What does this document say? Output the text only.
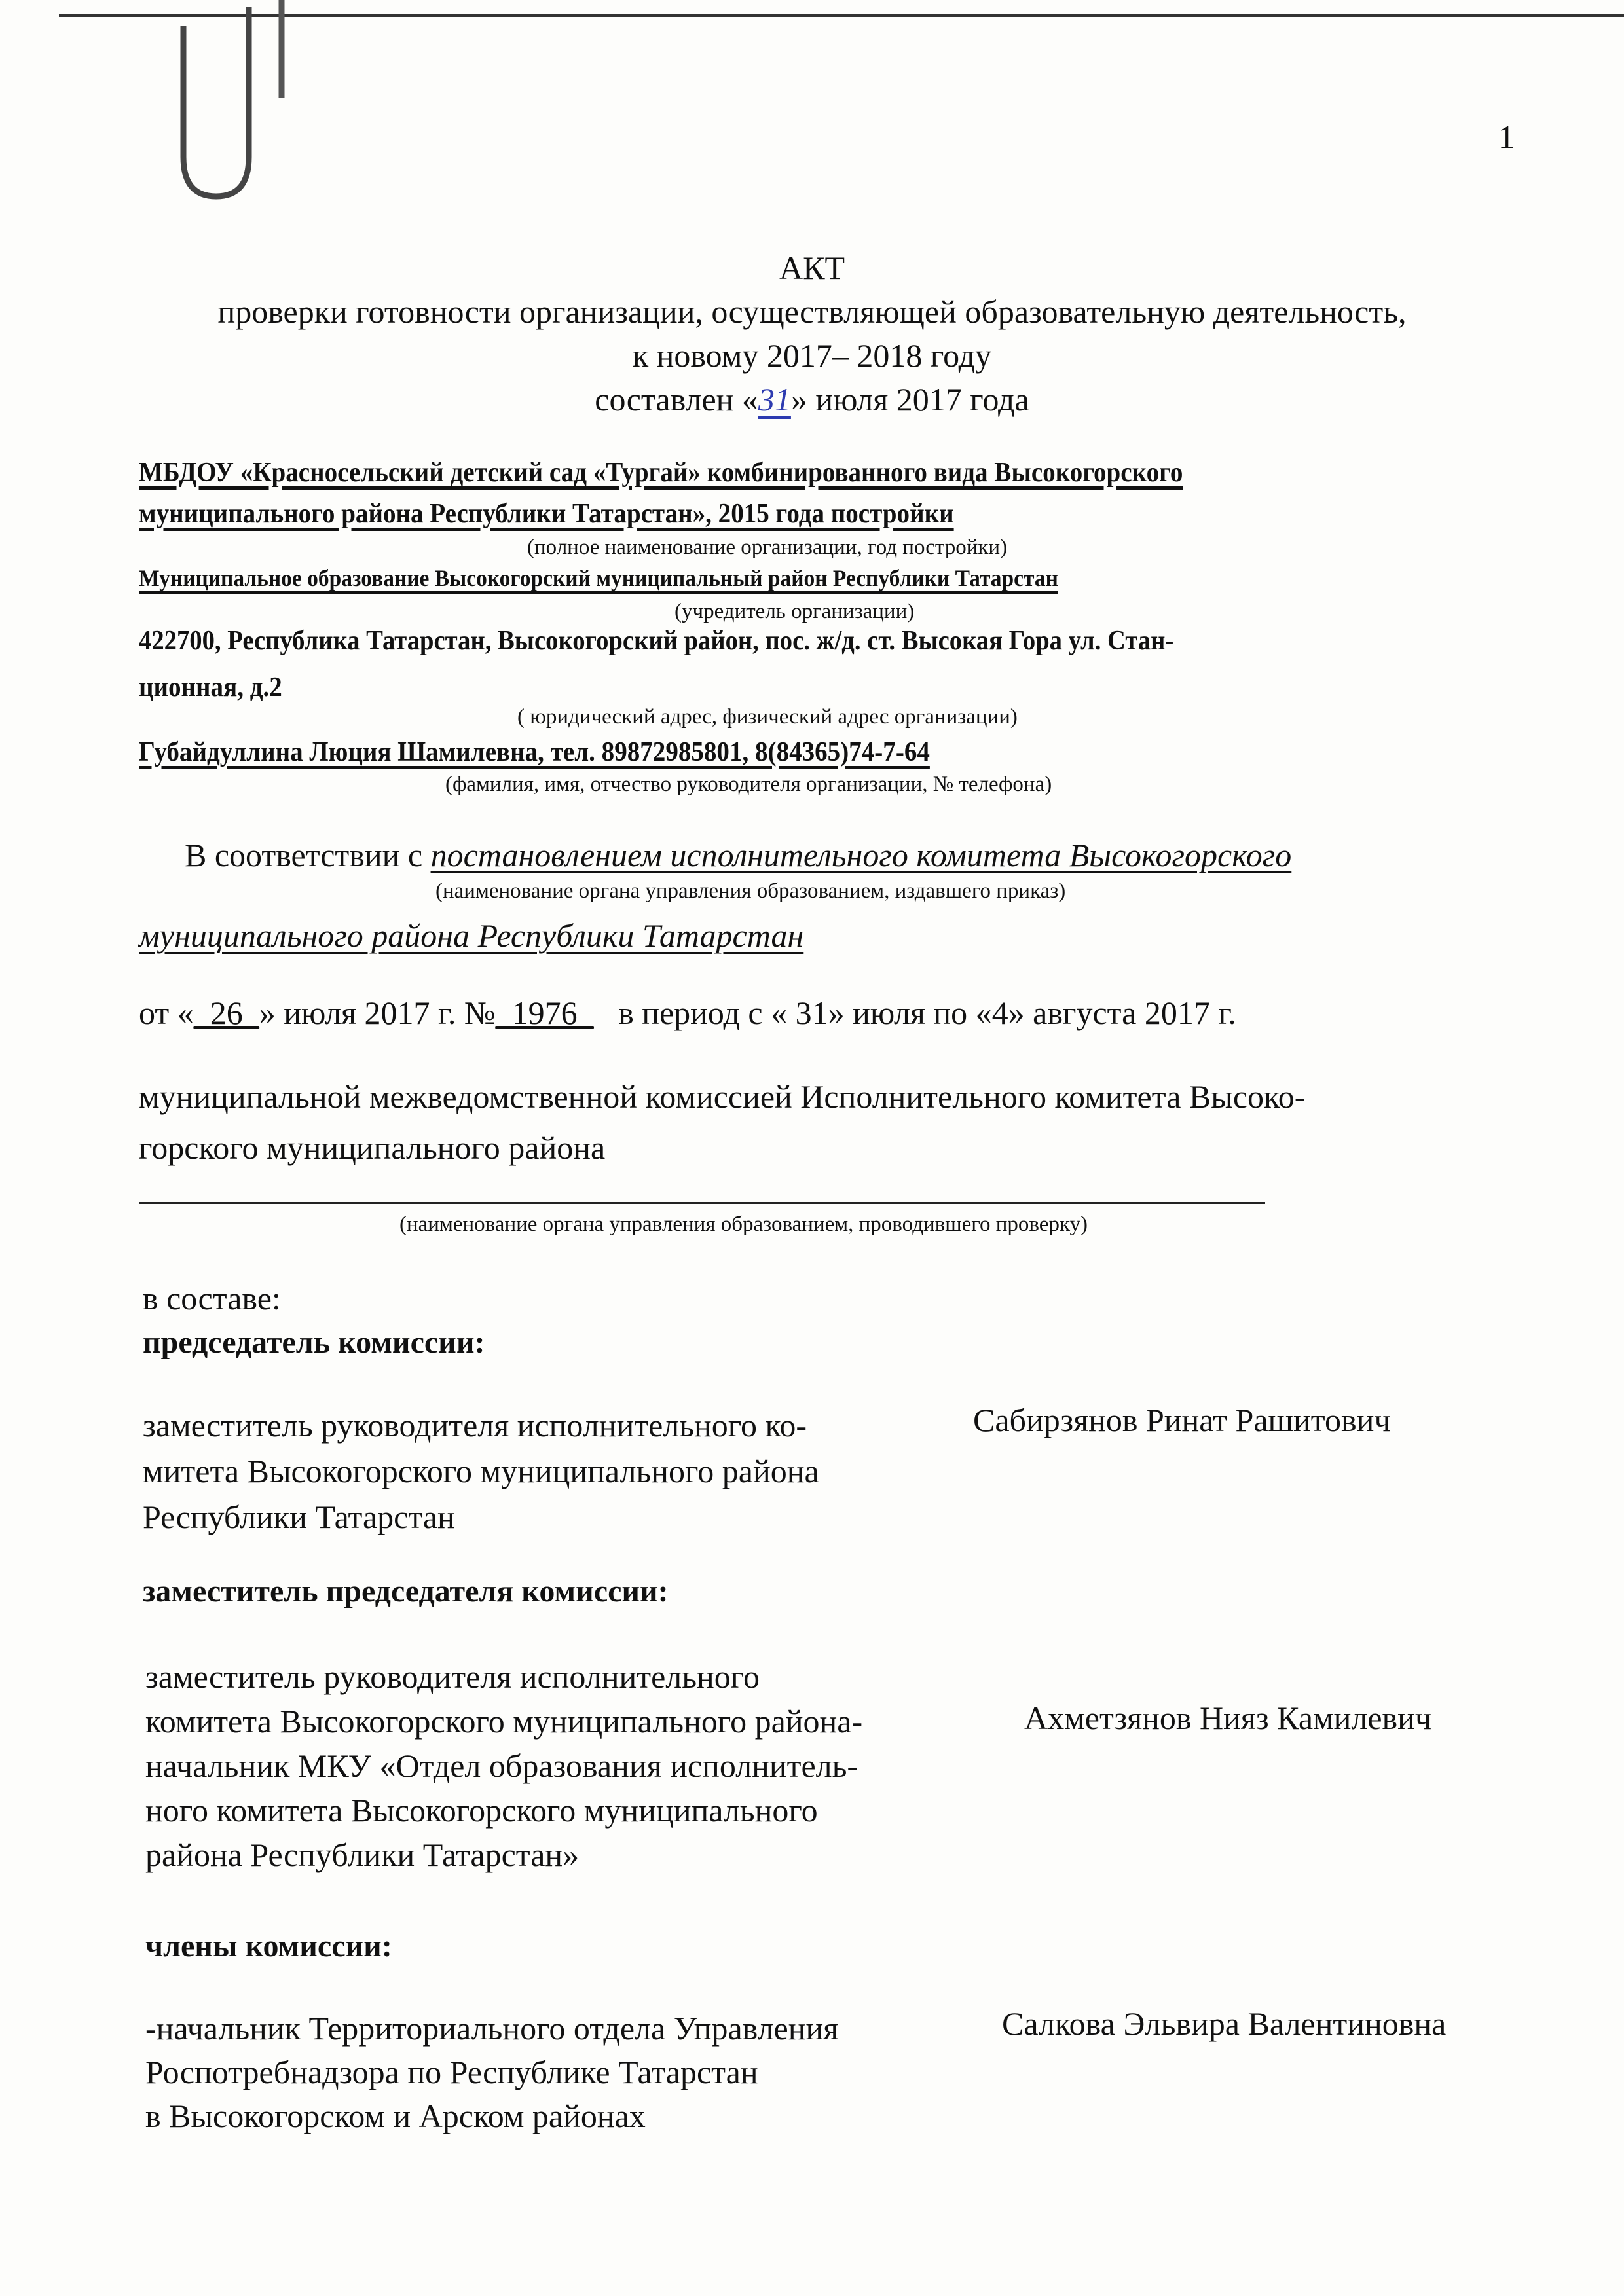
1
АКТ
проверки готовности организации, осуществляющей образовательную деятельность,
к новому 2017– 2018 году
составлен «31» июля 2017 года
МБДОУ «Красносельский детский сад «Тургай» комбинированного вида Высокогорского
муниципального района Республики Татарстан», 2015 года постройки
(полное наименование организации, год постройки)
Муниципальное образование Высокогорский муниципальный район Республики Татарстан
(учредитель организации)
422700, Республика Татарстан, Высокогорский район, пос. ж/д. ст. Высокая Гора ул. Стан-
ционная, д.2
( юридический адрес, физический адрес организации)
Губайдуллина Люция Шамилевна, тел. 89872985801, 8(84365)74-7-64
(фамилия, имя, отчество руководителя организации, № телефона)
В соответствии с постановлением исполнительного комитета Высокогорского
(наименование органа управления образованием, издавшего приказ)
муниципального района Республики Татарстан
от «_26_» июля 2017 г. №_1976_ в период с « 31» июля по «4» августа 2017 г.
муниципальной межведомственной комиссией Исполнительного комитета Высоко-
горского муниципального района
(наименование органа управления образованием, проводившего проверку)
в составе:
председатель комиссии:
заместитель руководителя исполнительного ко-
митета Высокогорского муниципального района
Республики Татарстан
Сабирзянов Ринат Рашитович
заместитель председателя комиссии:
заместитель руководителя исполнительного
комитета Высокогорского муниципального района-
начальник МКУ «Отдел образования исполнитель-
ного комитета Высокогорского муниципального
района Республики Татарстан»
Ахметзянов Нияз Камилевич
члены комиссии:
-начальник Территориального отдела Управления
Роспотребнадзора по Республике Татарстан
в Высокогорском и Арском районах
Салкова Эльвира Валентиновна
